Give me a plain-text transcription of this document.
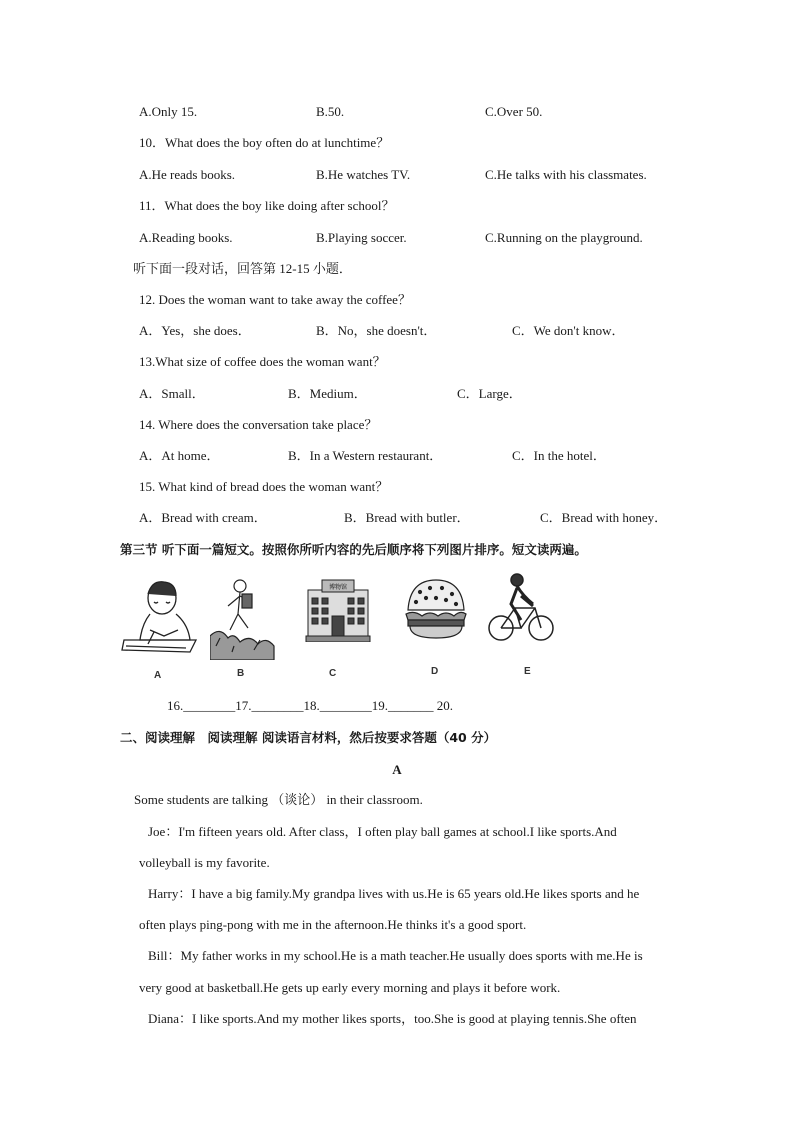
A.Only 15.	B.50.	C.Over 50.
10．What does the boy often do at lunchtime？
A.He reads books.	B.He watches TV.	C.He talks with his classmates.
11．What does the boy like doing after school？
A.Reading books.	B.Playing soccer.	C.Running on the playground.
听下面一段对话，回答第 12-15 小题．
12. Does the woman want to take away the coffee？
A．Yes，she does．	B．No，she doesn't．	C．We don't know．
13.What size of coffee does the woman want？
A．Small．	B．Medium．	C．Large．
14. Where does the conversation take place？
A．At home．	B．In a Western restaurant．	C．In the hotel．
15. What kind of bread does the woman want？
A．Bread with cream．	B．Bread with butler．	C．Bread with honey．
第三节 听下面一篇短文。按照你所听内容的先后顺序将下列图片排序。短文读两遍。
A	B
博物馆
C	D	E
16.________17.________18.________19._______ 20.
二、阅读理解　阅读理解 阅读语言材料，然后按要求答题（40 分）
A
Some students are talking （谈论） in their classroom.
Joe：I'm fifteen years old. After class，I often play ball games at school.I like sports.And
volleyball is my favorite.
Harry：I have a big family.My grandpa lives with us.He is 65 years old.He likes sports and he
often plays ping-pong with me in the afternoon.He thinks it's a good sport.
Bill：My father works in my school.He is a math teacher.He usually does sports with me.He is
very good at basketball.He gets up early every morning and plays it before work.
Diana：I like sports.And my mother likes sports，too.She is good at playing tennis.She often
